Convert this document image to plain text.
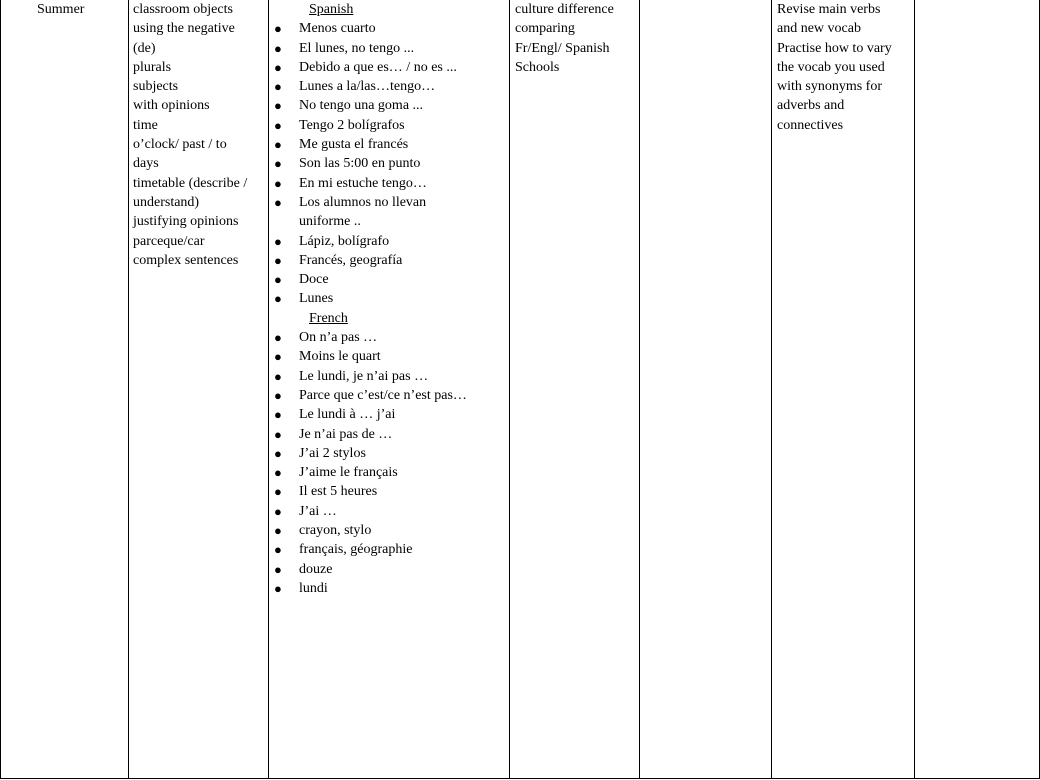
Summer	classroom objects
using the negative
(de)
plurals
subjects
with opinions
time
o’clock/ past / to
days
timetable (describe /
understand)
justifying opinions
parceque/car
complex sentences
Spanish
● Menos cuarto
● El lunes, no tengo ...
● Debido a que es… / no es ...
● Lunes a la/las…tengo…
● No tengo una goma ...
● Tengo 2 bolígrafos
● Me gusta el francés
● Son las 5:00 en punto
● En mi estuche tengo…
● Los alumnos no llevan uniforme ..
● Lápiz, bolígrafo
● Francés, geografía
● Doce
● Lunes
French
● On n’a pas …
● Moins le quart
● Le lundi, je n’ai pas …
● Parce que c’est/ce n’est pas…
● Le lundi à … j’ai
● Je n’ai pas de …
● J’ai 2 stylos
● J’aime le français
● Il est 5 heures
● J’ai …
● crayon, stylo
● français, géographie
● douze
● lundi
culture difference
comparing
Fr/Engl/ Spanish
Schools
Revise main verbs
and new vocab
Practise how to vary
the vocab you used
with synonyms for
adverbs and
connectives
